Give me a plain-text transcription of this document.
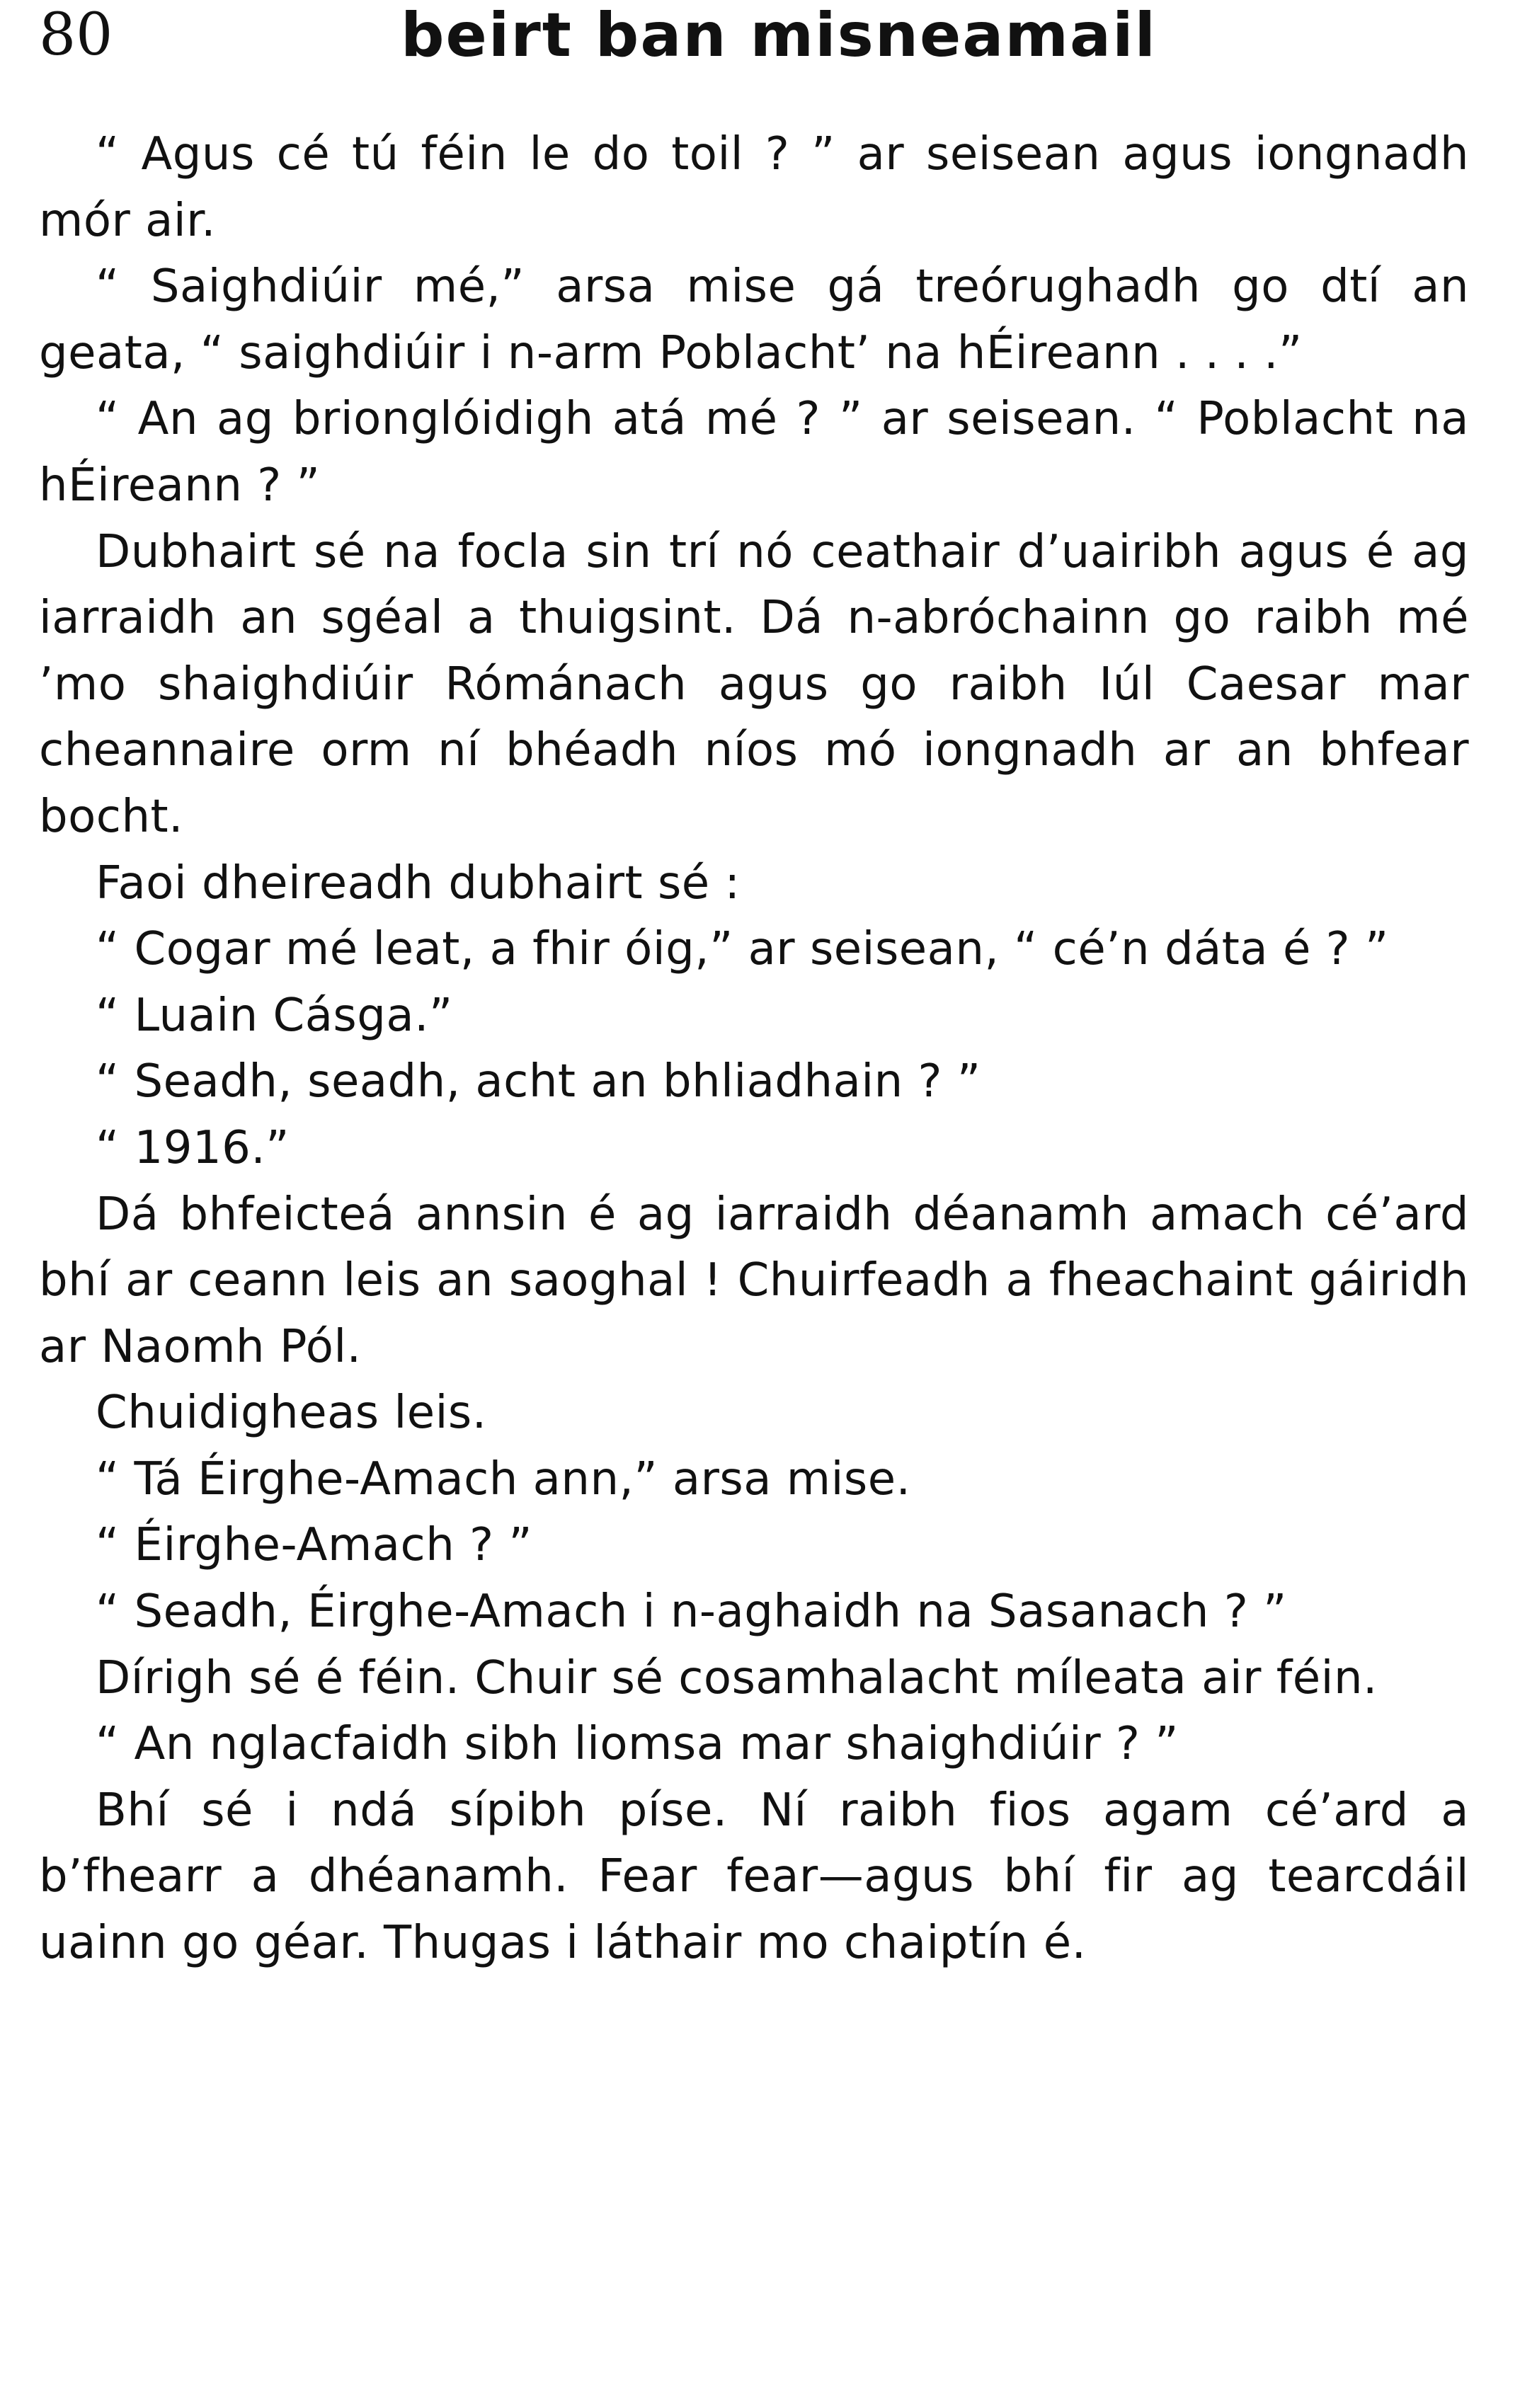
80	beirt ban misneamail

“ Agus cé tú féin le do toil ? ” ar seisean agus iongnadh mór air.

“ Saighdiúir mé,” arsa mise gá treórughadh go dtí an geata, “ saighdiúir i n-arm Poblacht’ na hÉireann . . . .”

“ An ag brionglóidigh atá mé ? ” ar seisean. “ Poblacht na hÉireann ? ”

Dubhairt sé na focla sin trí nó ceathair d’uairibh agus é ag iarraidh an sgéal a thuigsint. Dá n-abróchainn go raibh mé ’mo shaighdiúir Rómánach agus go raibh Iúl Caesar mar cheannaire orm ní bhéadh níos mó iongnadh ar an bhfear bocht.

Faoi dheireadh dubhairt sé :

“ Cogar mé leat, a fhir óig,” ar seisean, “ cé’n dáta é ? ”

“ Luain Cásga.”

“ Seadh, seadh, acht an bhliadhain ? ”

“ 1916.”

Dá bhfeicteá annsin é ag iarraidh déanamh amach cé’ard bhí ar ceann leis an saoghal ! Chuirfeadh a fheachaint gáiridh ar Naomh Pól.

Chuidigheas leis.

“ Tá Éirghe-Amach ann,” arsa mise.

“ Éirghe-Amach ? ”

“ Seadh, Éirghe-Amach i n-aghaidh na Sasanach ? ”

Dírigh sé é féin. Chuir sé cosamhalacht míleata air féin.

“ An nglacfaidh sibh liomsa mar shaighdiúir ? ”

Bhí sé i ndá sípibh píse. Ní raibh fios agam cé’ard a b’fhearr a dhéanamh. Fear fear—agus bhí fir ag tearcdáil uainn go géar. Thugas i láthair mo chaiptín é.
